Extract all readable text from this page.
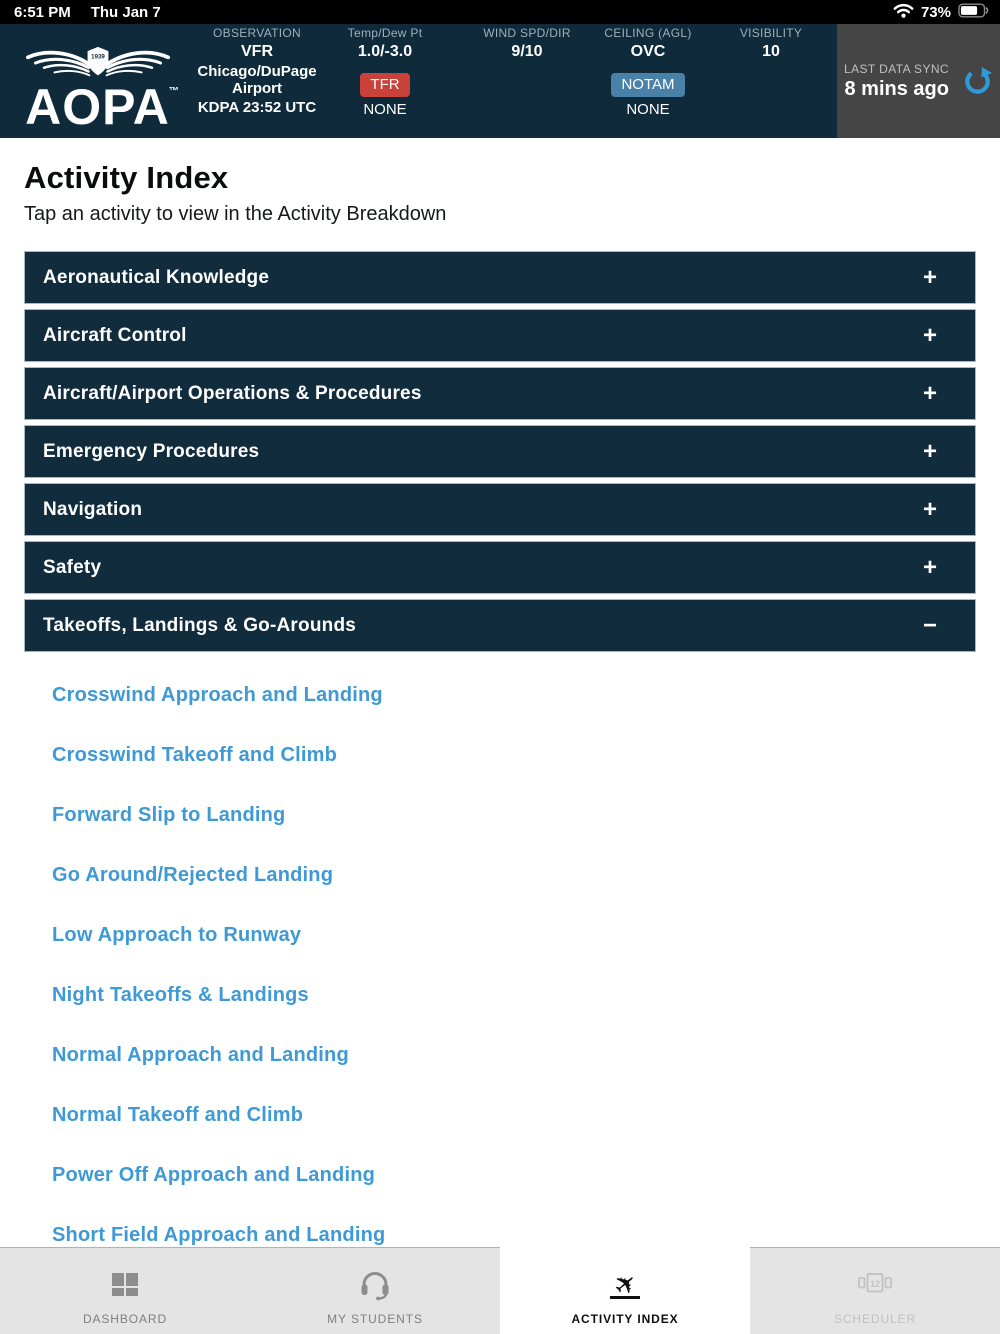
6:51 PM Thu Jan 7	73%
1939
AOPA ™
OBSERVATION
VFR
Chicago/DuPage Airport
KDPA 23:52 UTC
Temp/Dew Pt
1.0/-3.0
TFR
NONE
WIND SPD/DIR
9/10
CEILING (AGL)
OVC
NOTAM
NONE
VISIBILITY
10
LAST DATA SYNC
8 mins ago
Activity Index

Tap an activity to view in the Activity Breakdown

Aeronautical Knowledge	+
Aircraft Control	+
Aircraft/Airport Operations & Procedures	+
Emergency Procedures	+
Navigation	+
Safety	+
Takeoffs, Landings & Go-Arounds	−
Crosswind Approach and Landing
Crosswind Takeoff and Climb
Forward Slip to Landing
Go Around/Rejected Landing
Low Approach to Runway
Night Takeoffs & Landings
Normal Approach and Landing
Normal Takeoff and Climb
Power Off Approach and Landing
Short Field Approach and Landing
DASHBOARD	MY STUDENTS
✈
ACTIVITY INDEX
12
SCHEDULER
